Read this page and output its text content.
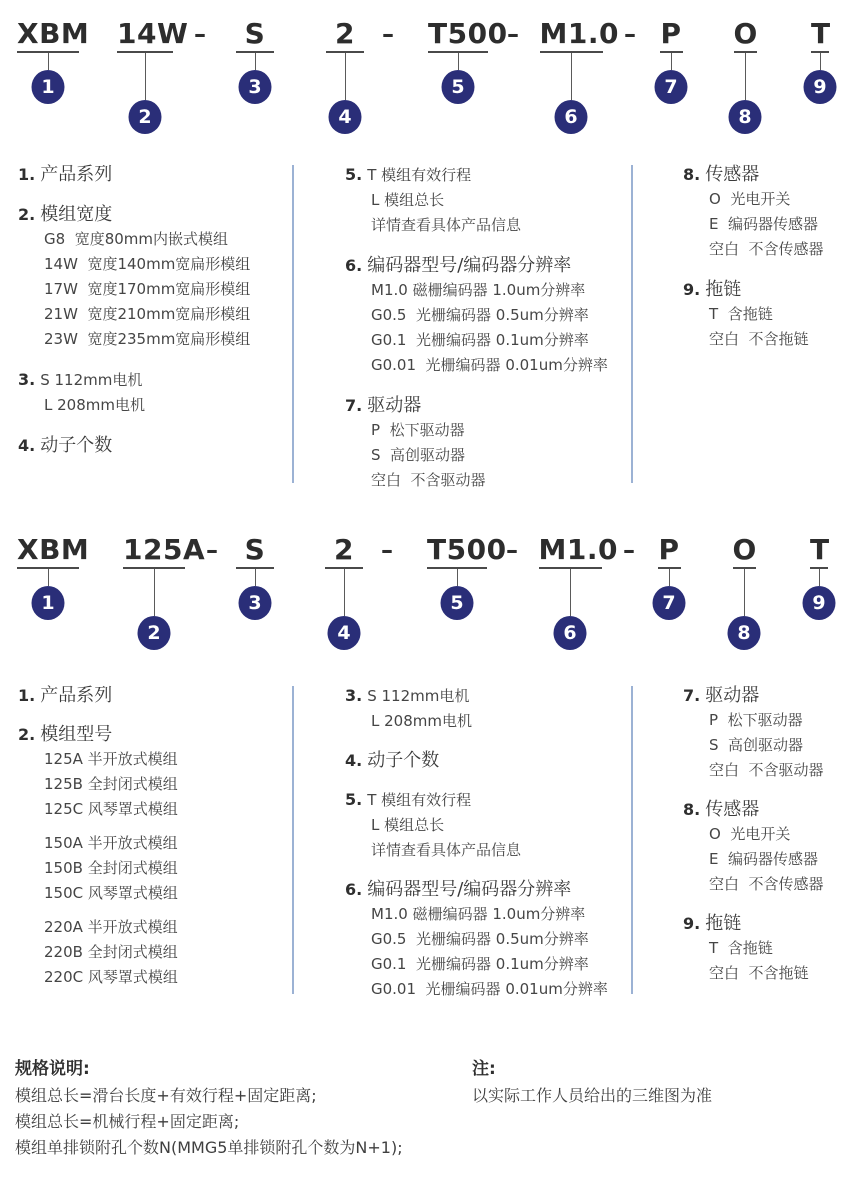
XBM
1
14W
2
–	S
3
2
4
– T500
5
– M1.0
6
– P
7
O
8
T
9
1. 产品系列
2. 模组宽度
G8  宽度80mm内嵌式模组
14W  宽度140mm宽扁形模组
17W  宽度170mm宽扁形模组
21W  宽度210mm宽扁形模组
23W  宽度235mm宽扁形模组
3. S 112mm电机
L 208mm电机
4. 动子个数
5. T 模组有效行程
L 模组总长
详情查看具体产品信息
6. 编码器型号/编码器分辨率
M1.0 磁栅编码器 1.0um分辨率
G0.5  光栅编码器 0.5um分辨率
G0.1  光栅编码器 0.1um分辨率
G0.01  光栅编码器 0.01um分辨率
7. 驱动器
P  松下驱动器
S  高创驱动器
空白  不含驱动器
8. 传感器
O  光电开关
E  编码器传感器
空白  不含传感器
9. 拖链
T  含拖链
空白  不含拖链
XBM
1
125A
2
– S
3
2
4
– T500
5
– M1.0
6
– P
7
O
8
T
9
1. 产品系列
2. 模组型号
125A 半开放式模组
125B 全封闭式模组
125C 风琴罩式模组
150A 半开放式模组
150B 全封闭式模组
150C 风琴罩式模组
220A 半开放式模组
220B 全封闭式模组
220C 风琴罩式模组
3. S 112mm电机
L 208mm电机
4. 动子个数
5. T 模组有效行程
L 模组总长
详情查看具体产品信息
6. 编码器型号/编码器分辨率
M1.0 磁栅编码器 1.0um分辨率
G0.5  光栅编码器 0.5um分辨率
G0.1  光栅编码器 0.1um分辨率
G0.01  光栅编码器 0.01um分辨率
7. 驱动器
P  松下驱动器
S  高创驱动器
空白  不含驱动器
8. 传感器
O  光电开关
E  编码器传感器
空白  不含传感器
9. 拖链
T  含拖链
空白  不含拖链
规格说明:
模组总长=滑台长度+有效行程+固定距离;
模组总长=机械行程+固定距离;
模组单排锁附孔个数N(MMG5单排锁附孔个数为N+1);
注:
以实际工作人员给出的三维图为准
